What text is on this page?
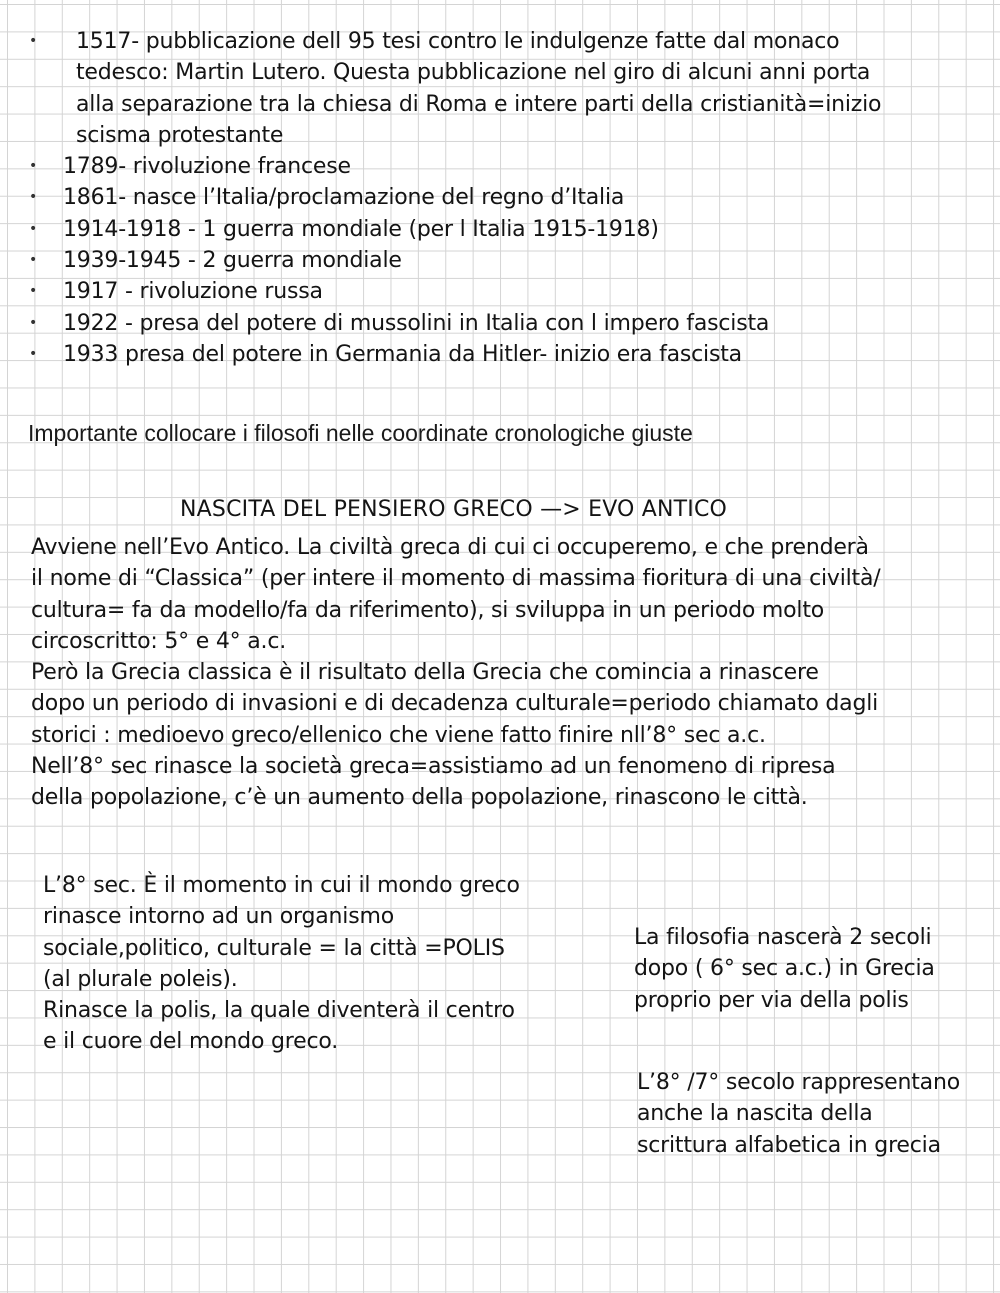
• 1517- pubblicazione dell 95 tesi contro le indulgenze fatte dal monaco
tedesco: Martin Lutero. Questa pubblicazione nel giro di alcuni anni porta
alla separazione tra la chiesa di Roma e intere parti della cristianità=inizio
scisma protestante
•	1789- rivoluzione francese
•	1861- nasce l’Italia/proclamazione del regno d’Italia
•	1914-1918 - 1 guerra mondiale (per l Italia 1915-1918)
•	1939-1945 - 2 guerra mondiale
•	1917 - rivoluzione russa
•	1922 - presa del potere di mussolini in Italia con l impero fascista
•	1933 presa del potere in Germania da Hitler- inizio era fascista
Importante collocare i filosofi nelle coordinate cronologiche giuste
NASCITA DEL PENSIERO GRECO —> EVO ANTICO
Avviene nell’Evo Antico. La civiltà greca di cui ci occuperemo, e che prenderà
il nome di “Classica” (per intere il momento di massima fioritura di una civiltà/
cultura= fa da modello/fa da riferimento), si sviluppa in un periodo molto
circoscritto: 5° e 4° a.c.
Però la Grecia classica è il risultato della Grecia che comincia a rinascere
dopo un periodo di invasioni e di decadenza culturale=periodo chiamato dagli
storici : medioevo greco/ellenico che viene fatto finire nll’8° sec a.c.
Nell’8° sec rinasce la società greca=assistiamo ad un fenomeno di ripresa
della popolazione, c’è un aumento della popolazione, rinascono le città.
L’8° sec. È il momento in cui il mondo greco
rinasce intorno ad un organismo
sociale,politico, culturale = la città =POLIS
(al plurale poleis).
Rinasce la polis, la quale diventerà il centro
e il cuore del mondo greco.
La filosofia nascerà 2 secoli
dopo ( 6° sec a.c.) in Grecia
proprio per via della polis
L’8° /7° secolo rappresentano
anche la nascita della
scrittura alfabetica in grecia
